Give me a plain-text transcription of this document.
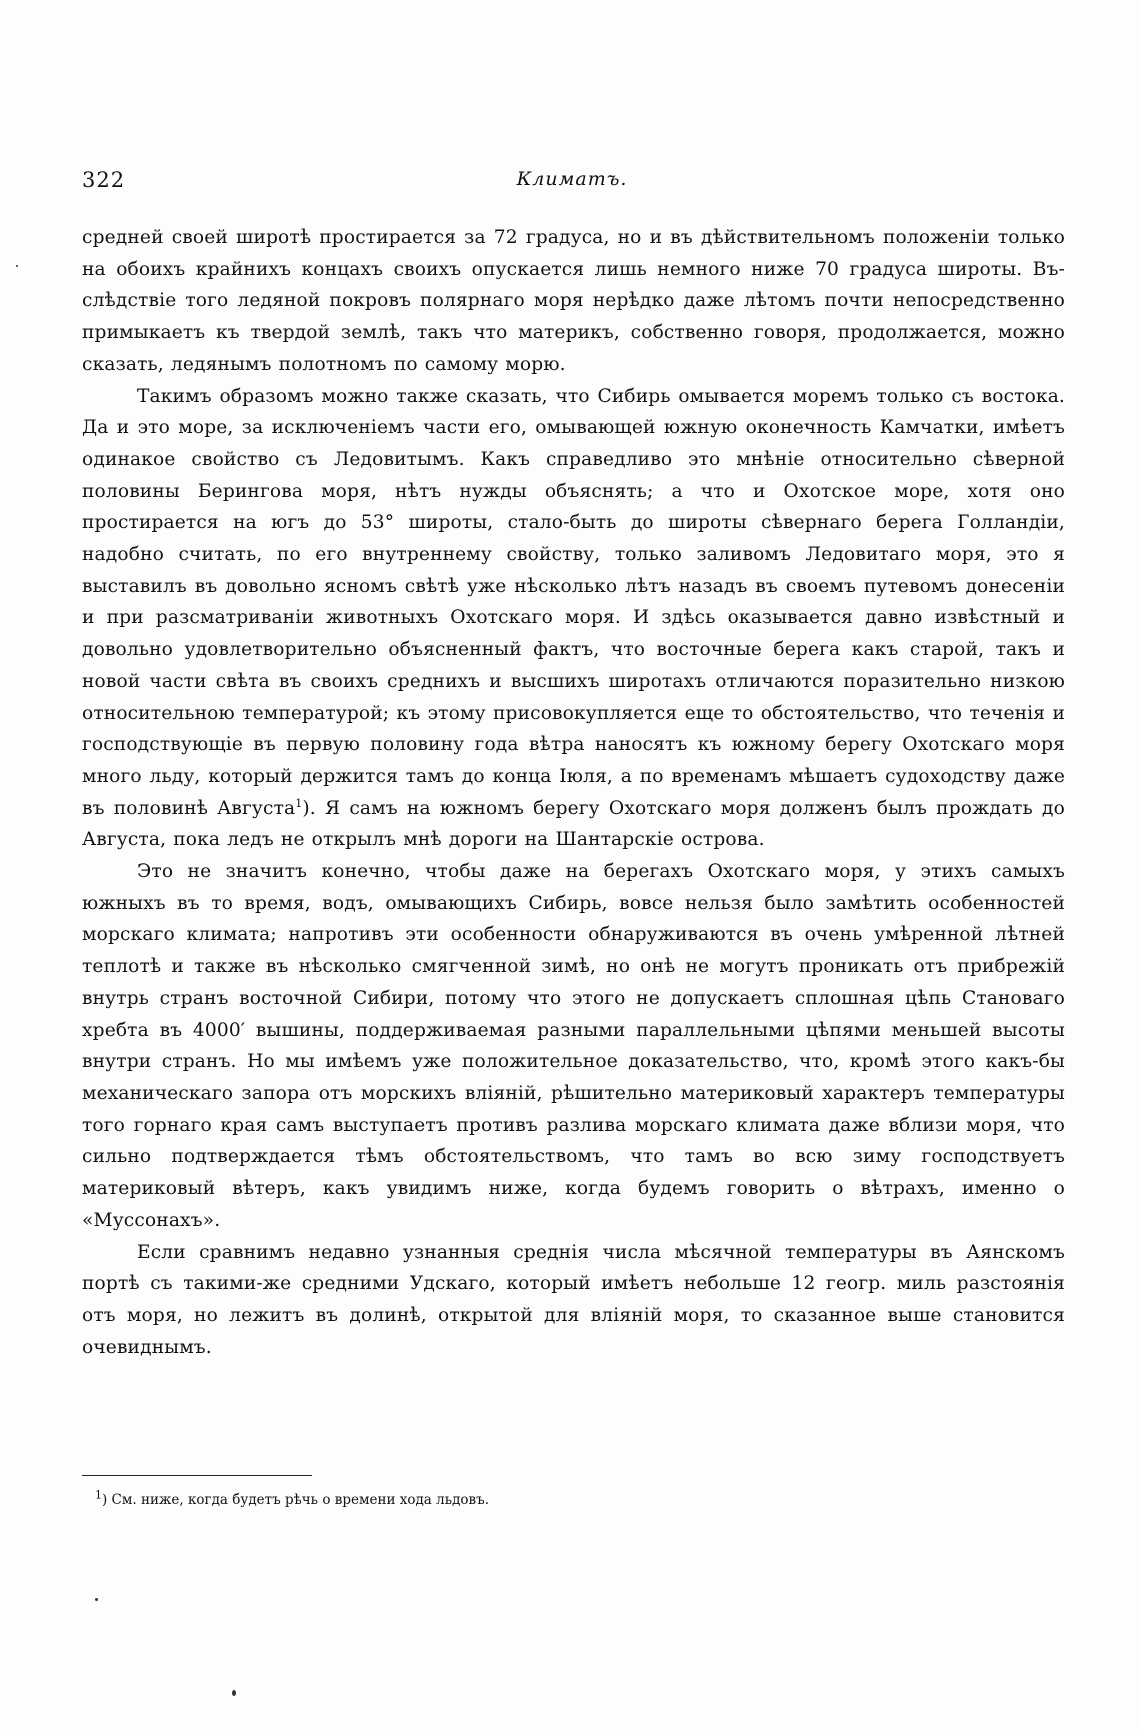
322	Климатъ.

средней своей широтѣ простирается за 72 градуса, но и въ дѣйствительномъ положеніи только на обоихъ крайнихъ концахъ своихъ опускается лишь немного ниже 70 градуса широты. Въ-слѣдствіе того ледяной покровъ полярнаго моря нерѣдко даже лѣтомъ почти непосредственно примыкаетъ къ твердой землѣ, такъ что материкъ, собственно говоря, продолжается, можно сказать, ледянымъ полотномъ по самому морю.

Такимъ образомъ можно также сказать, что Сибирь омывается моремъ только съ востока. Да и это море, за исключеніемъ части его, омывающей южную оконечность Камчатки, имѣетъ одинакое свойство съ Ледовитымъ. Какъ справедливо это мнѣніе относительно сѣверной половины Берингова моря, нѣтъ нужды объяснять; а что и Охотское море, хотя оно простирается на югъ до 53° широты, стало-быть до широты сѣвернаго берега Голландіи, надобно считать, по его внутреннему свойству, только заливомъ Ледовитаго моря, это я выставилъ въ довольно ясномъ свѣтѣ уже нѣсколько лѣтъ назадъ въ своемъ путевомъ донесеніи и при разсматриваніи животныхъ Охотскаго моря. И здѣсь оказывается давно извѣстный и довольно удовлетворительно объясненный фактъ, что восточные берега какъ старой, такъ и новой части свѣта въ своихъ среднихъ и высшихъ широтахъ отличаются поразительно низкою относительною температурой; къ этому присовокупляется еще то обстоятельство, что теченія и господствующіе въ первую половину года вѣтра наносятъ къ южному берегу Охотскаго моря много льду, который держится тамъ до конца Іюля, а по временамъ мѣшаетъ судоходству даже въ половинѣ Августа$^1$). Я самъ на южномъ берегу Охотскаго моря долженъ былъ прождать до Августа, пока ледъ не открылъ мнѣ дороги на Шантарскіе острова.

Это не значитъ конечно, чтобы даже на берегахъ Охотскаго моря, у этихъ самыхъ южныхъ въ то время, водъ, омывающихъ Сибирь, вовсе нельзя было замѣтить особенностей морскаго климата; напротивъ эти особенности обнаруживаются въ очень умѣренной лѣтней теплотѣ и также въ нѣсколько смягченной зимѣ, но онѣ не могутъ проникать отъ прибрежій внутрь странъ восточной Сибири, потому что этого не допускаетъ сплошная цѣпь Становаго хребта въ 4000′ вышины, поддерживаемая разными параллельными цѣпями меньшей высоты внутри странъ. Но мы имѣемъ уже положительное доказательство, что, кромѣ этого какъ-бы механическаго запора отъ морскихъ вліяній, рѣшительно материковый характеръ температуры того горнаго края самъ выступаетъ противъ разлива морскаго климата даже вблизи моря, что сильно подтверждается тѣмъ обстоятельствомъ, что тамъ во всю зиму господствуетъ материковый вѣтеръ, какъ увидимъ ниже, когда будемъ говорить о вѣтрахъ, именно о «Муссонахъ».

Если сравнимъ недавно узнанныя среднія числа мѣсячной температуры въ Аянскомъ портѣ съ такими-же средними Удскаго, который имѣетъ небольше 12 геогр. миль разстоянія отъ моря, но лежитъ въ долинѣ, открытой для вліяній моря, то сказанное выше становится очевиднымъ.

$^1$) См. ниже, когда будетъ рѣчь о времени хода льдовъ.
